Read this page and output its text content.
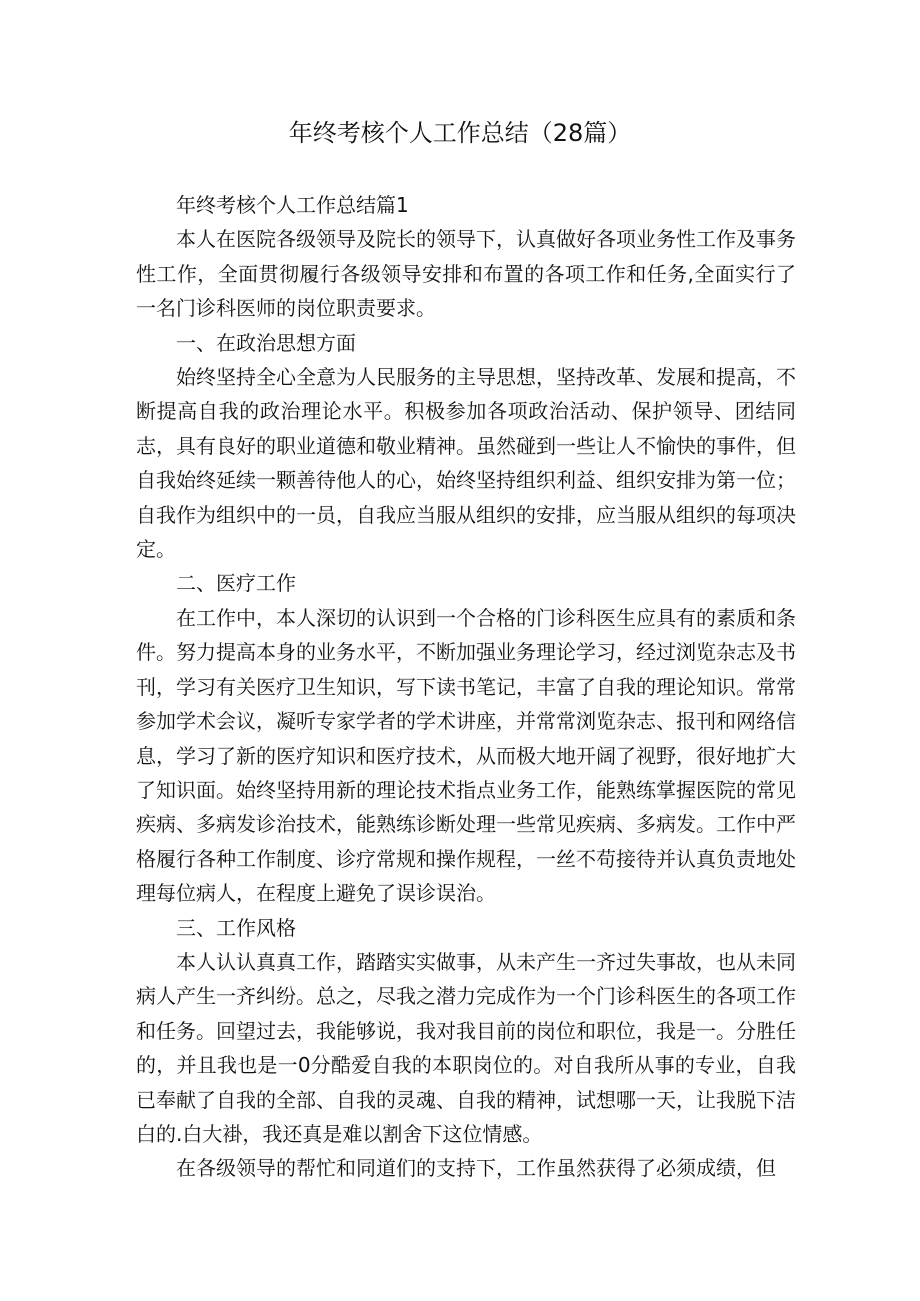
年终考核个人工作总结（28篇）

年终考核个人工作总结篇1

本人在医院各级领导及院长的领导下，认真做好各项业务性工作及事务性工作，全面贯彻履行各级领导安排和布置的各项工作和任务,全面实行了一名门诊科医师的岗位职责要求。

一、在政治思想方面

始终坚持全心全意为人民服务的主导思想，坚持改革、发展和提高，不断提高自我的政治理论水平。积极参加各项政治活动、保护领导、团结同志，具有良好的职业道德和敬业精神。虽然碰到一些让人不愉快的事件，但自我始终延续一颗善待他人的心，始终坚持组织利益、组织安排为第一位；自我作为组织中的一员，自我应当服从组织的安排，应当服从组织的每项决定。

二、医疗工作

在工作中，本人深切的认识到一个合格的门诊科医生应具有的素质和条件。努力提高本身的业务水平，不断加强业务理论学习，经过浏览杂志及书刊，学习有关医疗卫生知识，写下读书笔记，丰富了自我的理论知识。常常参加学术会议，凝听专家学者的学术讲座，并常常浏览杂志、报刊和网络信息，学习了新的医疗知识和医疗技术，从而极大地开阔了视野，很好地扩大了知识面。始终坚持用新的理论技术指点业务工作，能熟练掌握医院的常见疾病、多病发诊治技术，能熟练诊断处理一些常见疾病、多病发。工作中严格履行各种工作制度、诊疗常规和操作规程，一丝不苟接待并认真负责地处理每位病人，在程度上避免了误诊误治。

三、工作风格

本人认认真真工作，踏踏实实做事，从未产生一齐过失事故，也从未同病人产生一齐纠纷。总之，尽我之潜力完成作为一个门诊科医生的各项工作和任务。回望过去，我能够说，我对我目前的岗位和职位，我是一。分胜任的，并且我也是一0分酷爱自我的本职岗位的。对自我所从事的专业，自我已奉献了自我的全部、自我的灵魂、自我的精神，试想哪一天，让我脱下洁白的.白大褂，我还真是难以割舍下这位情感。

在各级领导的帮忙和同道们的支持下，工作虽然获得了必须成绩，但
